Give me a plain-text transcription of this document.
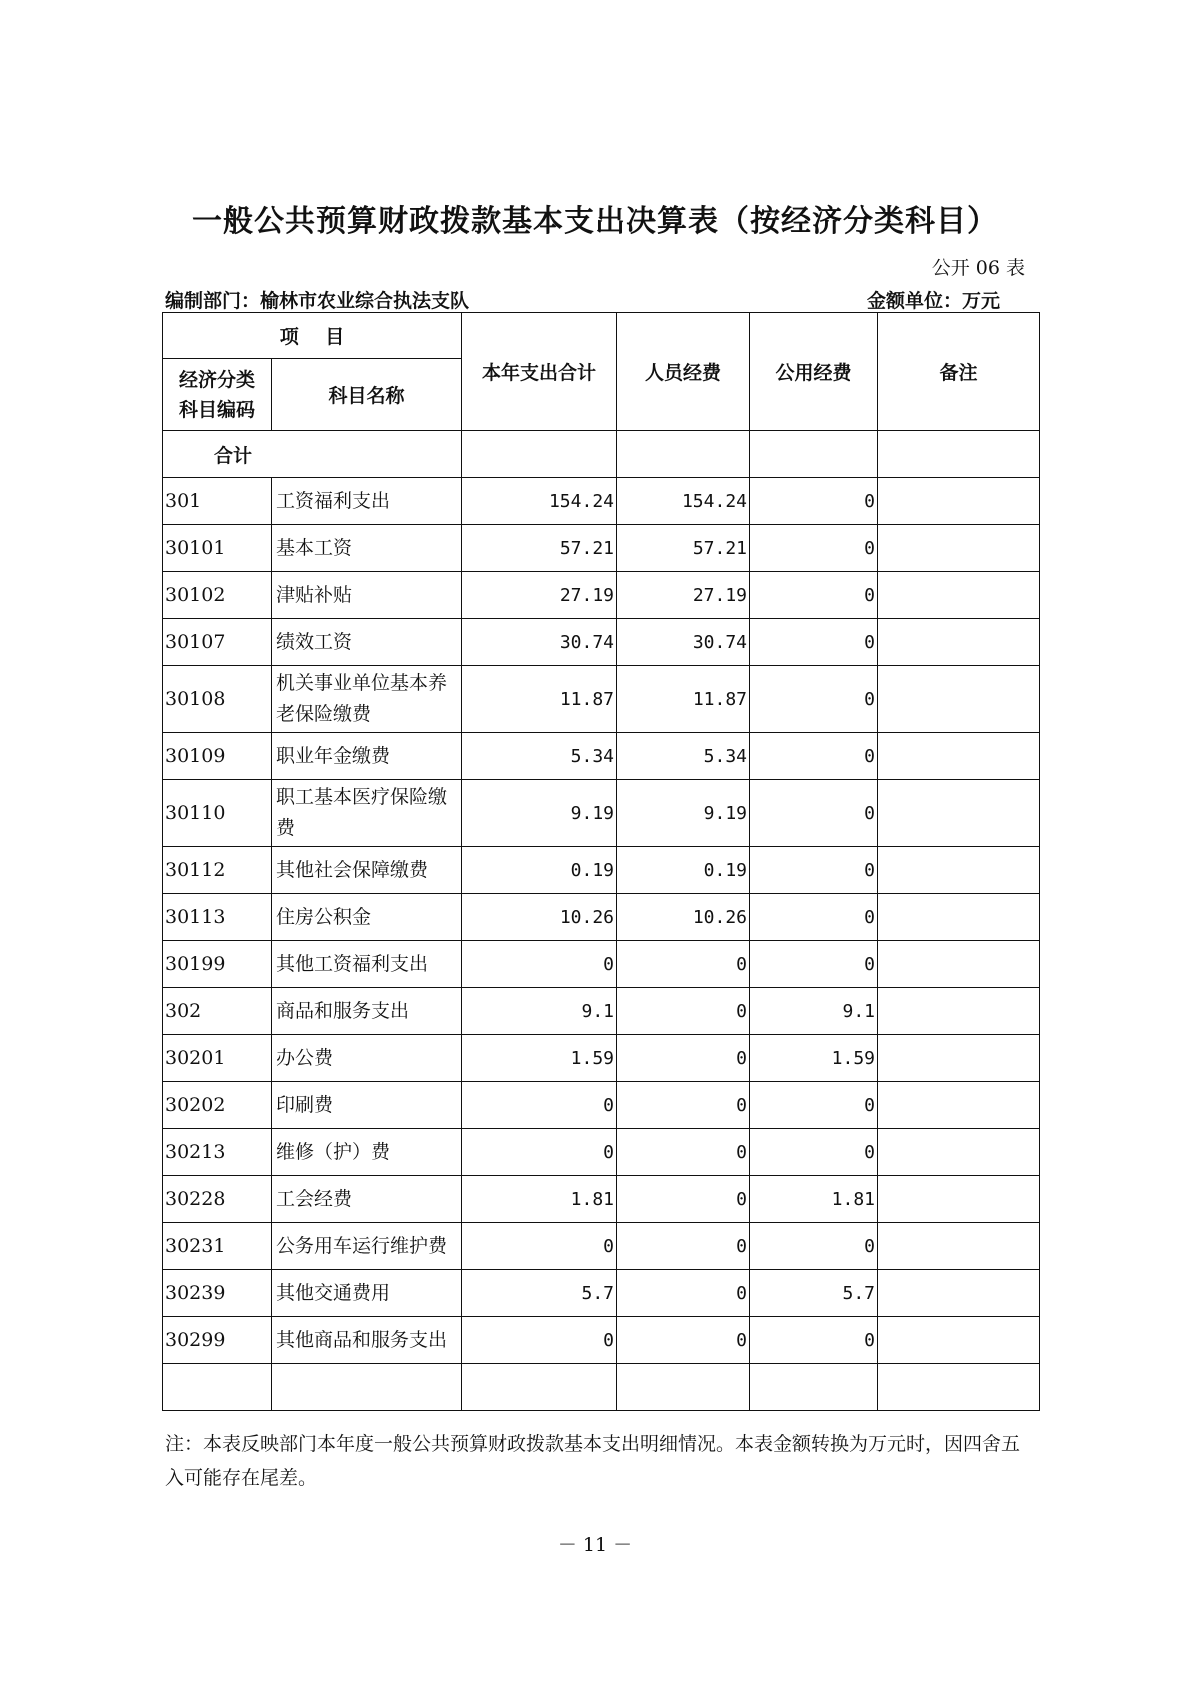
一般公共预算财政拨款基本支出决算表（按经济分类科目）
公开 06 表
编制部门：榆林市农业综合执法支队	金额单位：万元
项    目		本年支出合计	人员经费	公用经费	备注
经济分类
科目编码	科目名称				
合计					
301	工资福利支出	154.24	154.24	0	
30101	基本工资	57.21	57.21	0	
30102	津贴补贴	27.19	27.19	0	
30107	绩效工资	30.74	30.74	0	
30108	机关事业单位基本养老保险缴费	11.87	11.87	0	
30109	职业年金缴费	5.34	5.34	0	
30110	职工基本医疗保险缴费	9.19	9.19	0	
30112	其他社会保障缴费	0.19	0.19	0	
30113	住房公积金	10.26	10.26	0	
30199	其他工资福利支出	0	0	0	
302	商品和服务支出	9.1	0	9.1	
30201	办公费	1.59	0	1.59	
30202	印刷费	0	0	0	
30213	维修（护）费	0	0	0	
30228	工会经费	1.81	0	1.81	
30231	公务用车运行维护费	0	0	0	
30239	其他交通费用	5.7	0	5.7	
30299	其他商品和服务支出	0	0	0	

注：本表反映部门本年度一般公共预算财政拨款基本支出明细情况。本表金额转换为万元时，因四舍五入可能存在尾差。
－ 11 －
